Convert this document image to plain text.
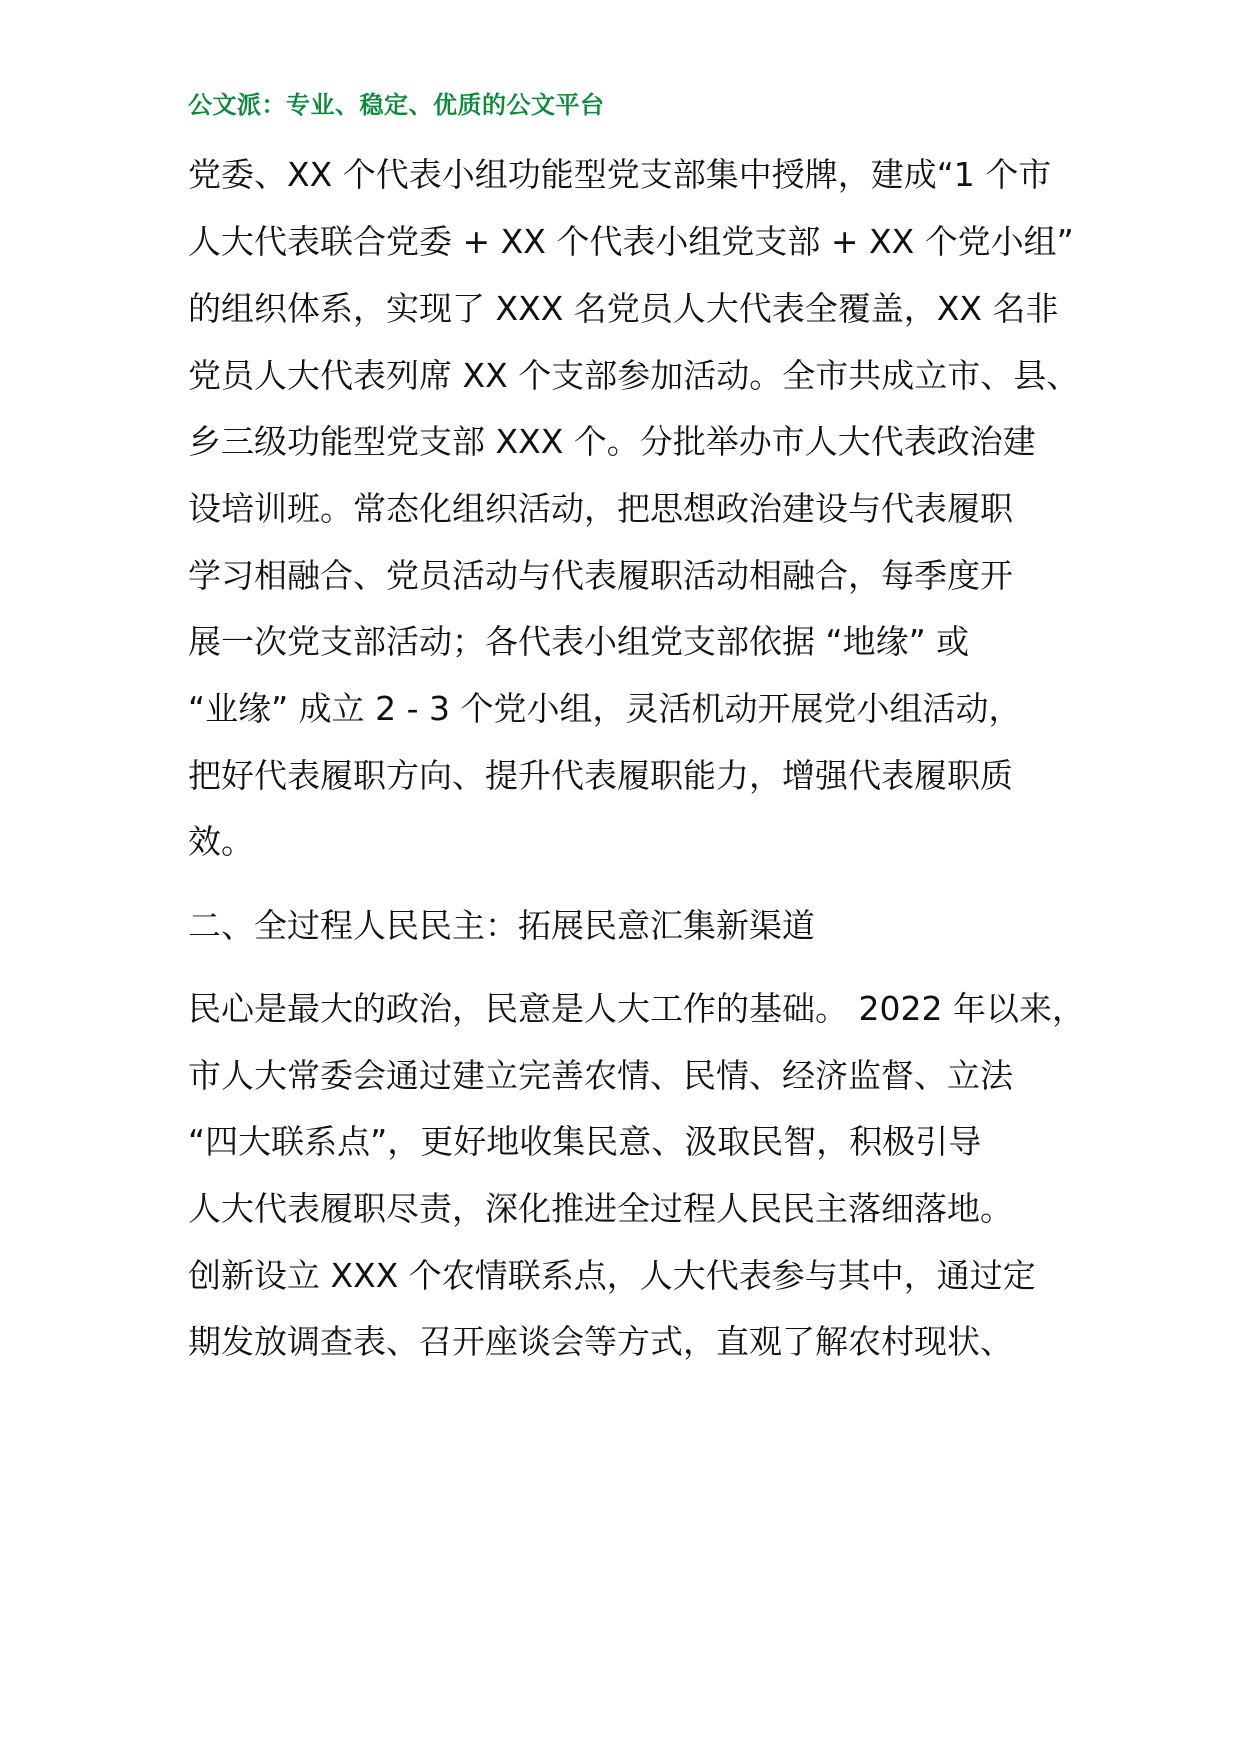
公文派：专业、稳定、优质的公文平台
党委、XX 个代表小组功能型党支部集中授牌，建成“1 个市
人大代表联合党委 + XX 个代表小组党支部 + XX 个党小组”
的组织体系，实现了 XXX 名党员人大代表全覆盖，XX 名非
党员人大代表列席 XX 个支部参加活动。全市共成立市、县、
乡三级功能型党支部 XXX 个。分批举办市人大代表政治建
设培训班。常态化组织活动，把思想政治建设与代表履职
学习相融合、党员活动与代表履职活动相融合，每季度开
展一次党支部活动；各代表小组党支部依据 “地缘” 或
“业缘” 成立 2 - 3 个党小组，灵活机动开展党小组活动，
把好代表履职方向、提升代表履职能力，增强代表履职质
效。
二、全过程人民民主：拓展民意汇集新渠道
民心是最大的政治，民意是人大工作的基础。 2022 年以来，
市人大常委会通过建立完善农情、民情、经济监督、立法
“四大联系点”，更好地收集民意、汲取民智，积极引导
人大代表履职尽责，深化推进全过程人民民主落细落地。
创新设立 XXX 个农情联系点，人大代表参与其中，通过定
期发放调查表、召开座谈会等方式，直观了解农村现状、
